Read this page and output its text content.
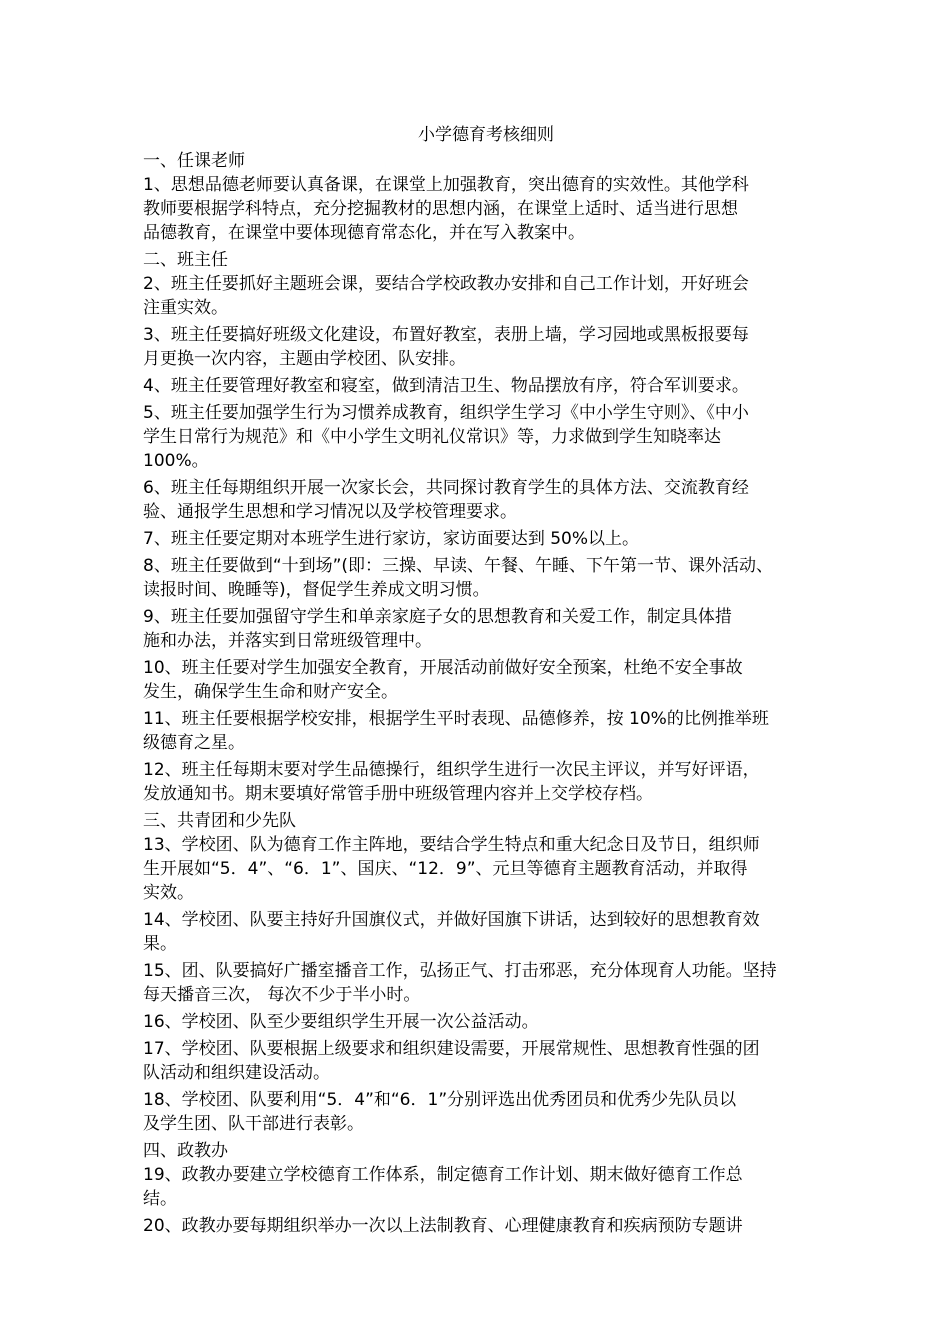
小学德育考核细则
一、任课老师
1、思想品德老师要认真备课，在课堂上加强教育，突出德育的实效性。其他学科
教师要根据学科特点，充分挖掘教材的思想内涵，在课堂上适时、适当进行思想
品德教育，在课堂中要体现德育常态化，并在写入教案中。
二、班主任
2、班主任要抓好主题班会课，要结合学校政教办安排和自己工作计划，开好班会
注重实效。
3、班主任要搞好班级文化建设，布置好教室，表册上墙，学习园地或黑板报要每
月更换一次内容，主题由学校团、队安排。
4、班主任要管理好教室和寝室，做到清洁卫生、物品摆放有序，符合军训要求。
5、班主任要加强学生行为习惯养成教育，组织学生学习《中小学生守则》、《中小
学生日常行为规范》和《中小学生文明礼仪常识》等，力求做到学生知晓率达
100%。
6、班主任每期组织开展一次家长会，共同探讨教育学生的具体方法、交流教育经
验、通报学生思想和学习情况以及学校管理要求。
7、班主任要定期对本班学生进行家访，家访面要达到 50%以上。
8、班主任要做到“十到场”(即：三操、早读、午餐、午睡、下午第一节、课外活动、
读报时间、晚睡等)，督促学生养成文明习惯。
9、班主任要加强留守学生和单亲家庭子女的思想教育和关爱工作，制定具体措
施和办法，并落实到日常班级管理中。
10、班主任要对学生加强安全教育，开展活动前做好安全预案，杜绝不安全事故
发生，确保学生生命和财产安全。
11、班主任要根据学校安排，根据学生平时表现、品德修养，按 10%的比例推举班
级德育之星。
12、班主任每期末要对学生品德操行，组织学生进行一次民主评议，并写好评语，
发放通知书。期末要填好常管手册中班级管理内容并上交学校存档。
三、共青团和少先队
13、学校团、队为德育工作主阵地，要结合学生特点和重大纪念日及节日，组织师
生开展如“5．4”、“6．1”、国庆、“12．9”、元旦等德育主题教育活动，并取得
实效。
14、学校团、队要主持好升国旗仪式，并做好国旗下讲话，达到较好的思想教育效
果。
15、团、队要搞好广播室播音工作，弘扬正气、打击邪恶，充分体现育人功能。坚持
每天播音三次， 每次不少于半小时。
16、学校团、队至少要组织学生开展一次公益活动。
17、学校团、队要根据上级要求和组织建设需要，开展常规性、思想教育性强的团
队活动和组织建设活动。
18、学校团、队要利用“5．4”和“6．1”分别评选出优秀团员和优秀少先队员以
及学生团、队干部进行表彰。
四、政教办
19、政教办要建立学校德育工作体系，制定德育工作计划、期末做好德育工作总
结。
20、政教办要每期组织举办一次以上法制教育、心理健康教育和疾病预防专题讲
